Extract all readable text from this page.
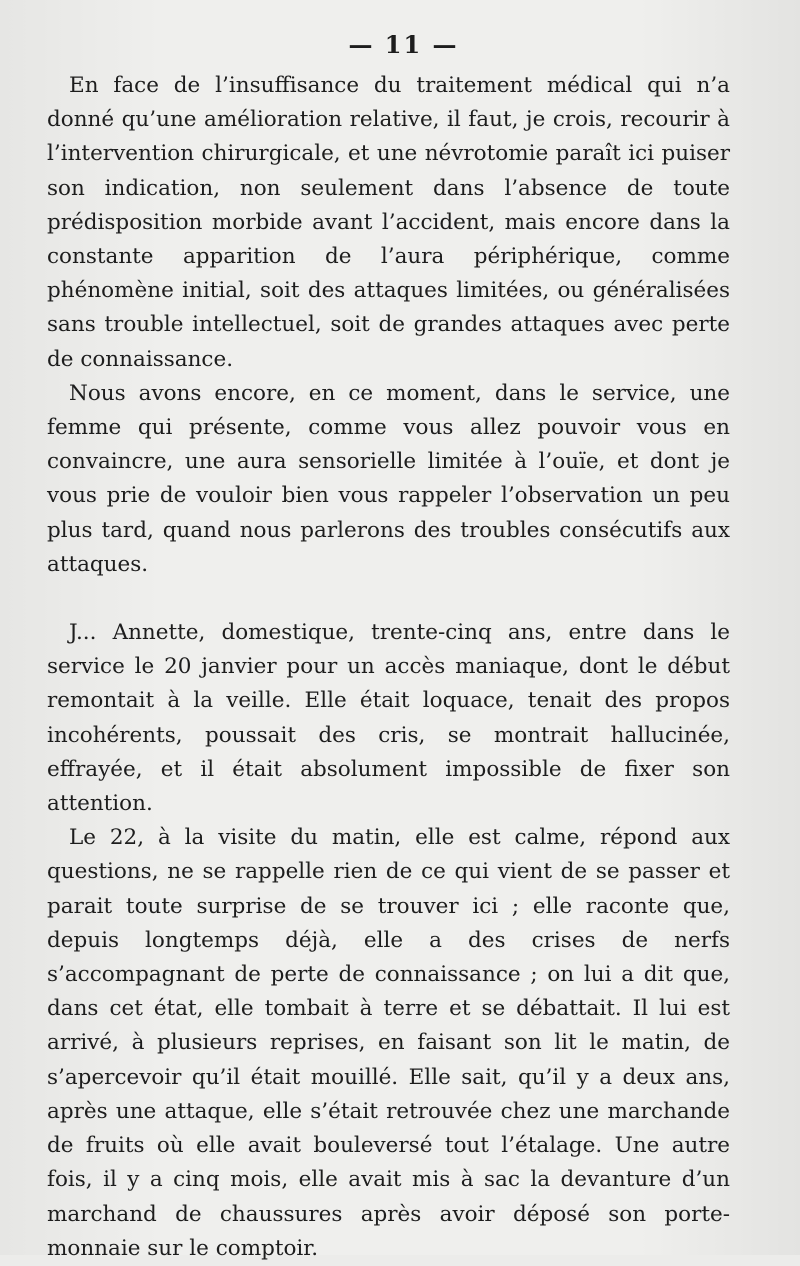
— 11 —

En face de l’insuffisance du traitement médical qui n’a donné qu’une amélioration relative, il faut, je crois, recourir à l’intervention chirurgicale, et une névrotomie paraît ici puiser son indication, non seulement dans l’absence de toute prédisposition morbide avant l’accident, mais encore dans la constante apparition de l’aura périphérique, comme phénomène initial, soit des attaques limitées, ou généralisées sans trouble intellectuel, soit de grandes attaques avec perte de connaissance.

Nous avons encore, en ce moment, dans le service, une femme qui présente, comme vous allez pouvoir vous en convaincre, une aura sensorielle limitée à l’ouïe, et dont je vous prie de vouloir bien vous rappeler l’observation un peu plus tard, quand nous parlerons des troubles consécutifs aux attaques.

J... Annette, domestique, trente-cinq ans, entre dans le service le 20 janvier pour un accès maniaque, dont le début remontait à la veille. Elle était loquace, tenait des propos incohérents, poussait des cris, se montrait hallucinée, effrayée, et il était absolument impossible de fixer son attention.

Le 22, à la visite du matin, elle est calme, répond aux questions, ne se rappelle rien de ce qui vient de se passer et parait toute surprise de se trouver ici ; elle raconte que, depuis longtemps déjà, elle a des crises de nerfs s’accompagnant de perte de connaissance ; on lui a dit que, dans cet état, elle tombait à terre et se débattait. Il lui est arrivé, à plusieurs reprises, en faisant son lit le matin, de s’apercevoir qu’il était mouillé. Elle sait, qu’il y a deux ans, après une attaque, elle s’était retrouvée chez une marchande de fruits où elle avait bouleversé tout l’étalage. Une autre fois, il y a cinq mois, elle avait mis à sac la devanture d’un marchand de chaussures après avoir déposé son porte-monnaie sur le comptoir.
